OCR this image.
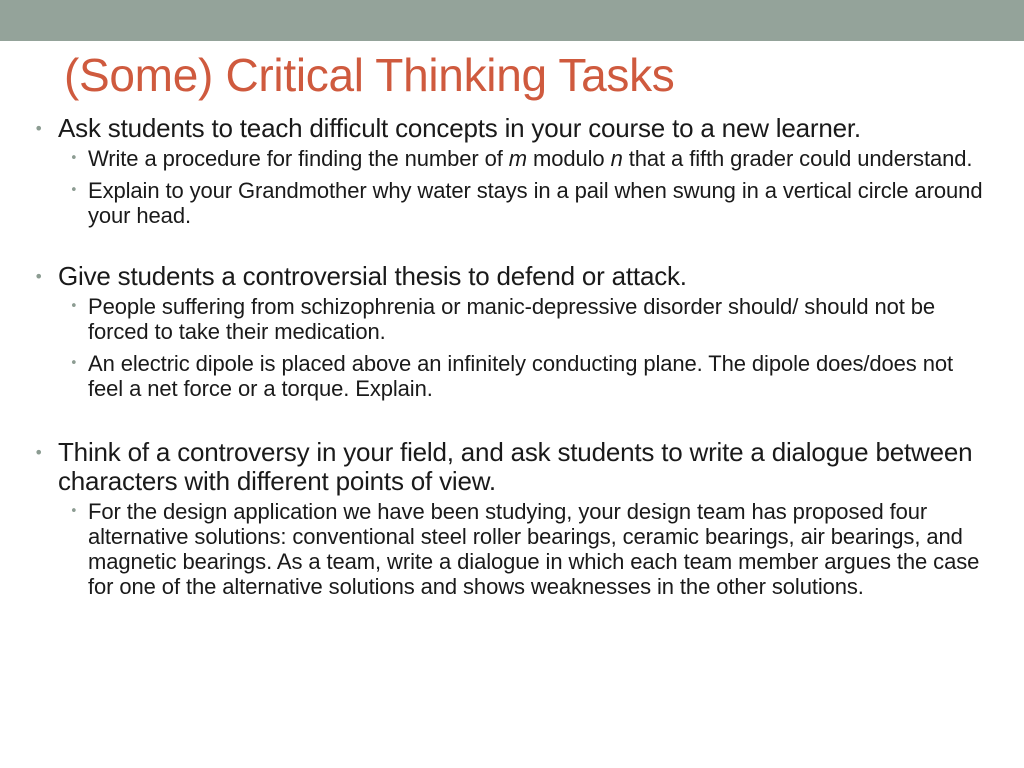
(Some) Critical Thinking Tasks
• Ask students to teach difficult concepts in your course to a new learner.
• Write a procedure for finding the number of m modulo n that a fifth grader could understand.
• Explain to your Grandmother why water stays in a pail when swung in a vertical circle around your head.
• Give students a controversial thesis to defend or attack.
• People suffering from schizophrenia or manic-depressive disorder should/ should not be forced to take their medication.
• An electric dipole is placed above an infinitely conducting plane. The dipole does/does not feel a net force or a torque. Explain.
• Think of a controversy in your field, and ask students to write a dialogue between characters with different points of view.
• For the design application we have been studying, your design team has proposed four alternative solutions: conventional steel roller bearings, ceramic bearings, air bearings, and magnetic bearings. As a team, write a dialogue in which each team member argues the case for one of the alternative solutions and shows weaknesses in the other solutions.
